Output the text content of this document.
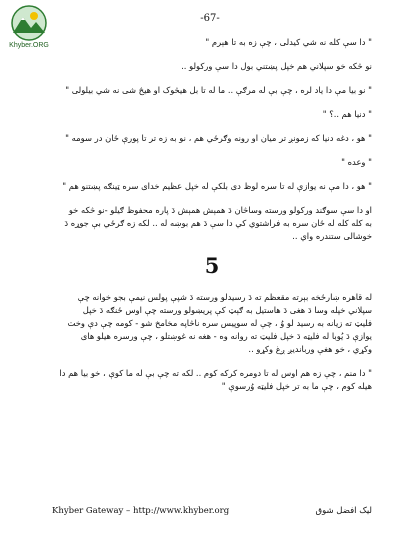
Khyber.ORG
-67-
" دا سې کله نه شي کيدلى ، چې زه به تا هېرم "
نو څکه خو سپلاني هم خپل پښتني بول دا سې ورکولو ..
" نو بيا مې دا ياد لره ، چې بې له مرګې .. ما له تا بل هيڅوک او هيڅ شى نه شي بيلولى "
" دنيا هم ..؟ "
" هو ، دغه دنيا که زمونږ تر ميان او رونه وګرځي هم ، نو به زه تر تا پورې ځان در سومه "
" وعده "
" هو ، دا مې نه يوازې له تا سره لوظ دى بلکې له خپل عظيم خداى سره ټينګه پښتنو هم "
او دا سې سوګند ورکولو ورسته وساڅان دَ همېش همېش دَ پاره محفوظ ګيلو -نو څکه خو
به کله کله له ځان سره به فراشتوي کي دا سې دَ هم بوښه له .. لکه زه ګرځي بې جوړه دَ
خوشالى ستندره واي ..
5
له قاهره ښارځخه بېرته مقعظم ته دَ رسيدلو ورسته دَ شپې پولس نيمې بجو خوانه چې
سپلاني خپله وسا دَ هغى دَ هاستيل به ګېټ کې پريښولو ورسته چې اوس ځنګه دَ خپل
فليټ ته زيانه به رسيد لو وُ ، چې له سوپيس سره ناڅاپه مخامخ شو - کومه چې دې وخت
يوازې دَ يُوبا له فليټه دَ خپل فليټ ته روانه وه - هغه نه غوښتلو ، چې ورسره هيلو هاى
وکړي ، خو هغې وربانديږ ږغ وکړو ..
" دا منم ، چې زه هم اوس له تا دومره کرکه کوم .. لکه ته چې بې له ما کوې ، خو بيا هم دا
هيله کوم ، چې ما به تر خپل فليټه وُرسوې "
Khyber Gateway – http://www.khyber.org	ليک افضل شوق
